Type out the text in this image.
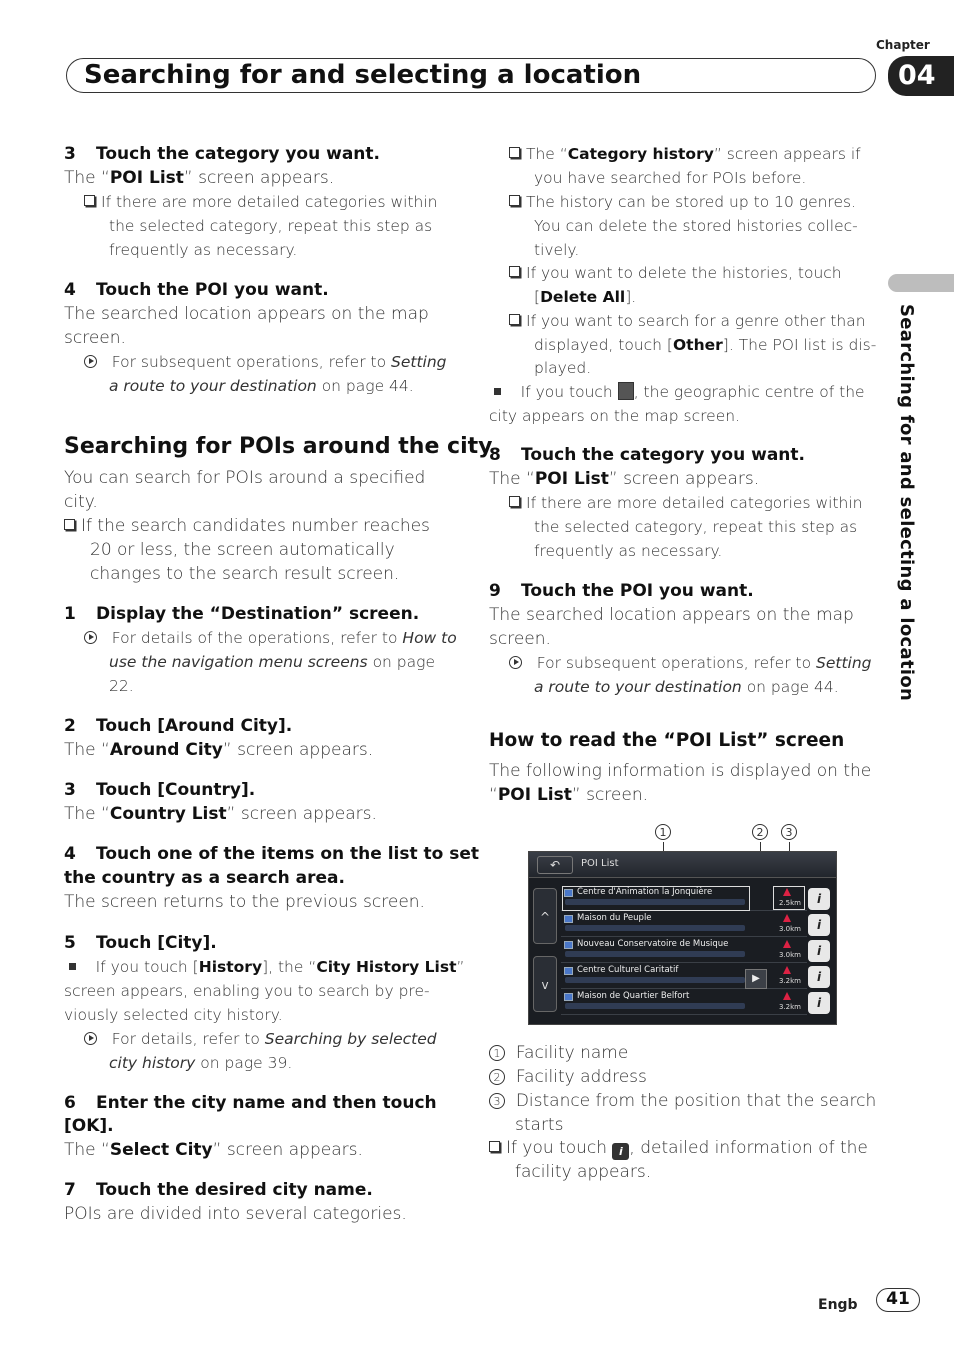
Chapter
Searching for and selecting a location	04
Searching for and selecting a location
3 Touch the category you want.
The “POI List” screen appears.
If there are more detailed categories within
the selected category, repeat this step as
frequently as necessary.
4 Touch the POI you want.
The searched location appears on the map
screen.
For subsequent operations, refer to Setting
a route to your destination on page 44.
Searching for POIs around the city
You can search for POIs around a specified
city.
If the search candidates number reaches
20 or less, the screen automatically
changes to the search result screen.
1 Display the “Destination” screen.
For details of the operations, refer to How to
use the navigation menu screens on page
22.
2 Touch [Around City].
The “Around City” screen appears.
3 Touch [Country].
The “Country List” screen appears.
4 Touch one of the items on the list to set
the country as a search area.
The screen returns to the previous screen.
5 Touch [City].
If you touch [History], the “City History List”
screen appears, enabling you to search by pre-
viously selected city history.
For details, refer to Searching by selected
city history on page 39.
6 Enter the city name and then touch
[OK].
The “Select City” screen appears.
7 Touch the desired city name.
POIs are divided into several categories.
The “Category history” screen appears if
you have searched for POIs before.
The history can be stored up to 10 genres.
You can delete the stored histories collec-
tively.
If you want to delete the histories, touch
[Delete All].
If you want to search for a genre other than
displayed, touch [Other]. The POI list is dis-
played.
If you touch , the geographic centre of the
city appears on the map screen.
8 Touch the category you want.
The “POI List” screen appears.
If there are more detailed categories within
the selected category, repeat this step as
frequently as necessary.
9 Touch the POI you want.
The searched location appears on the map
screen.
For subsequent operations, refer to Setting
a route to your destination on page 44.
How to read the “POI List” screen
The following information is displayed on the
“POI List” screen.
1 Facility name
2 Facility address
3 Distance from the position that the search
starts
If you touch i , detailed information of the
facility appears.
1	2	3
↶	POI List
^
v
Centre d'Animation la Jonquière
2.5km
Maison du Peuple
3.0km
Nouveau Conservatoire de Musique
3.0km
Centre Culturel Caritatif
3.2km
Maison de Quartier Belfort
3.2km
▶
i
i
i
i
i
Engb	41
